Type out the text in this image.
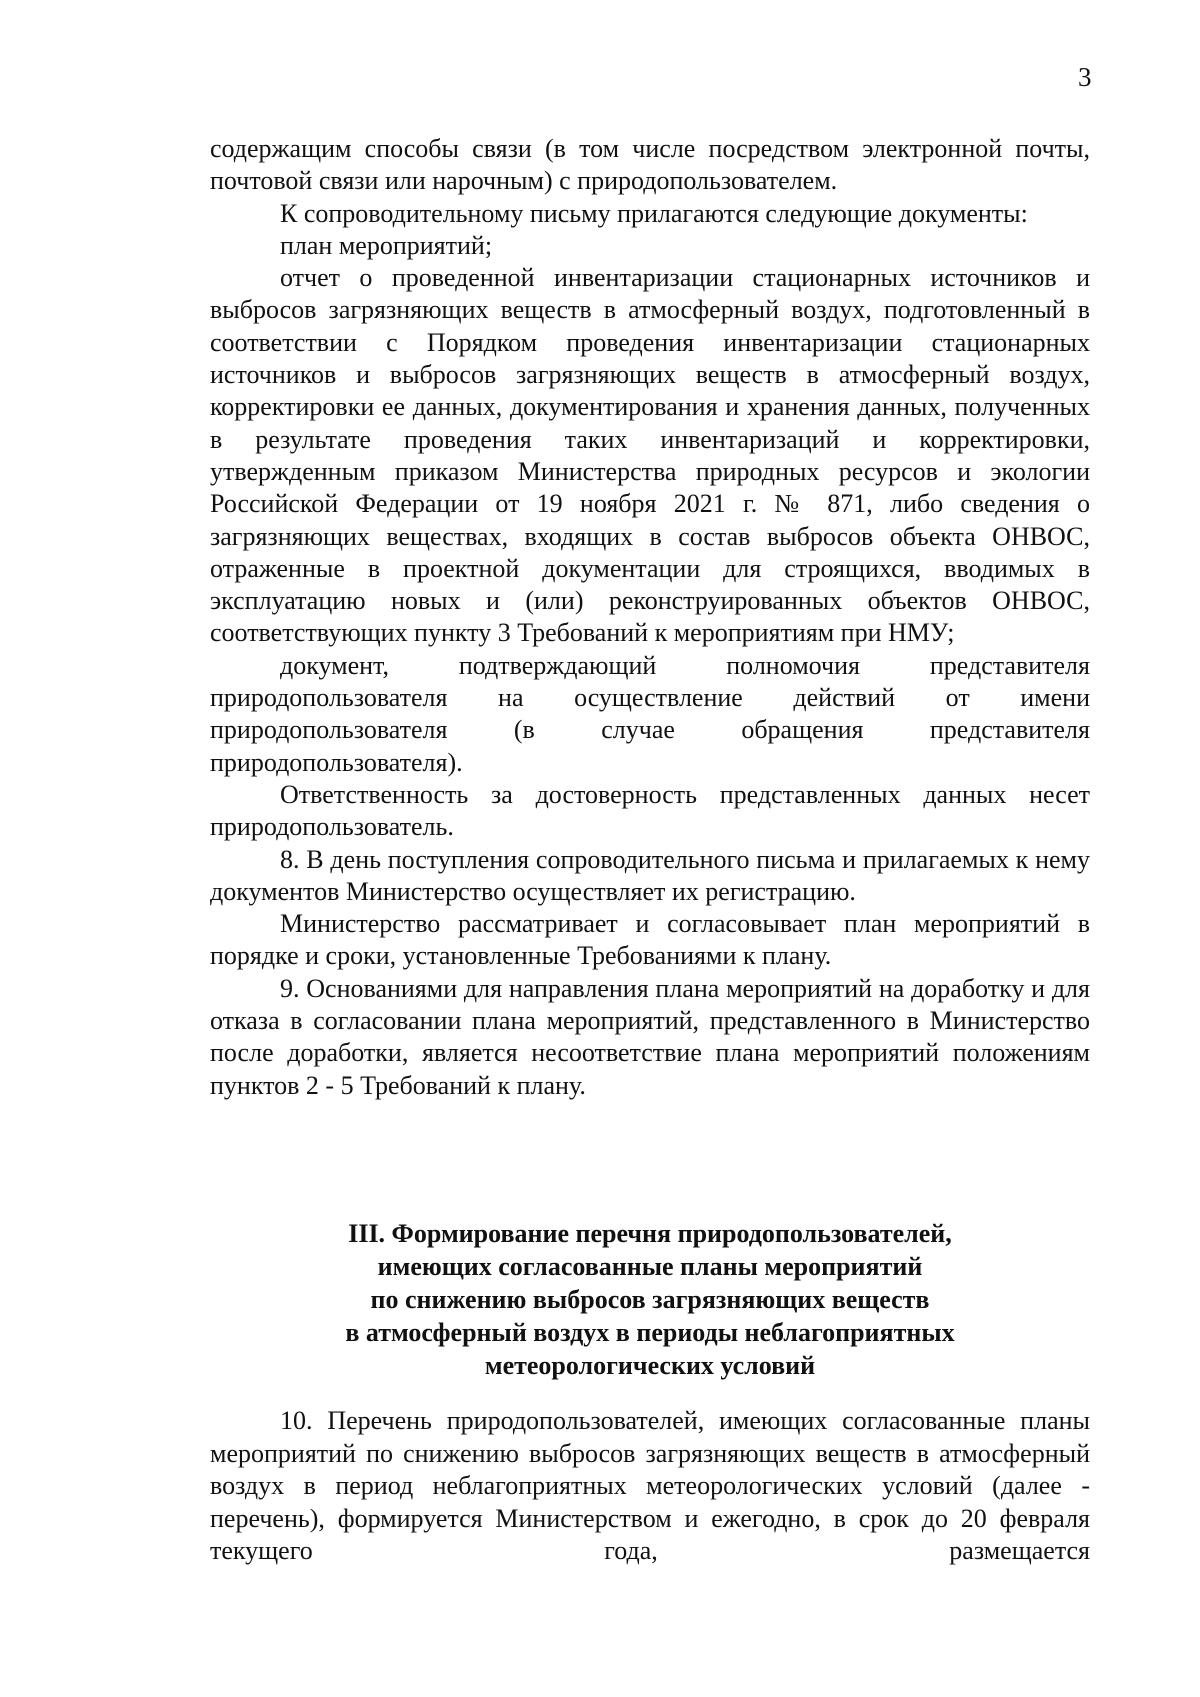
3

содержащим способы связи (в том числе посредством электронной почты, почтовой связи или нарочным) с природопользователем.

К сопроводительному письму прилагаются следующие документы:

план мероприятий;

отчет о проведенной инвентаризации стационарных источников и выбросов загрязняющих веществ в атмосферный воздух, подготовленный в соответствии с Порядком проведения инвентаризации стационарных источников и выбросов загрязняющих веществ в атмосферный воздух, корректировки ее данных, документирования и хранения данных, полученных в результате проведения таких инвентаризаций и корректировки, утвержденным приказом Министерства природных ресурсов и экологии Российской Федерации от 19 ноября 2021 г. № 871, либо сведения о загрязняющих веществах, входящих в состав выбросов объекта ОНВОС, отраженные в проектной документации для строящихся, вводимых в эксплуатацию новых и (или) реконструированных объектов ОНВОС, соответствующих пункту 3 Требований к мероприятиям при НМУ;

документ, подтверждающий полномочия представителя природопользователя на осуществление действий от имени природопользователя (в случае обращения представителя природопользователя).

Ответственность за достоверность представленных данных несет природопользователь.

8. В день поступления сопроводительного письма и прилагаемых к нему документов Министерство осуществляет их регистрацию.

Министерство рассматривает и согласовывает план мероприятий в порядке и сроки, установленные Требованиями к плану.

9. Основаниями для направления плана мероприятий на доработку и для отказа в согласовании плана мероприятий, представленного в Министерство после доработки, является несоответствие плана мероприятий положениям пунктов 2 - 5 Требований к плану.

III. Формирование перечня природопользователей,
имеющих согласованные планы мероприятий
по снижению выбросов загрязняющих веществ
в атмосферный воздух в периоды неблагоприятных
метеорологических условий

10. Перечень природопользователей, имеющих согласованные планы мероприятий по снижению выбросов загрязняющих веществ в атмосферный воздух в период неблагоприятных метеорологических условий (далее - перечень), формируется Министерством и ежегодно, в срок до 20 февраля текущего года, размещается
